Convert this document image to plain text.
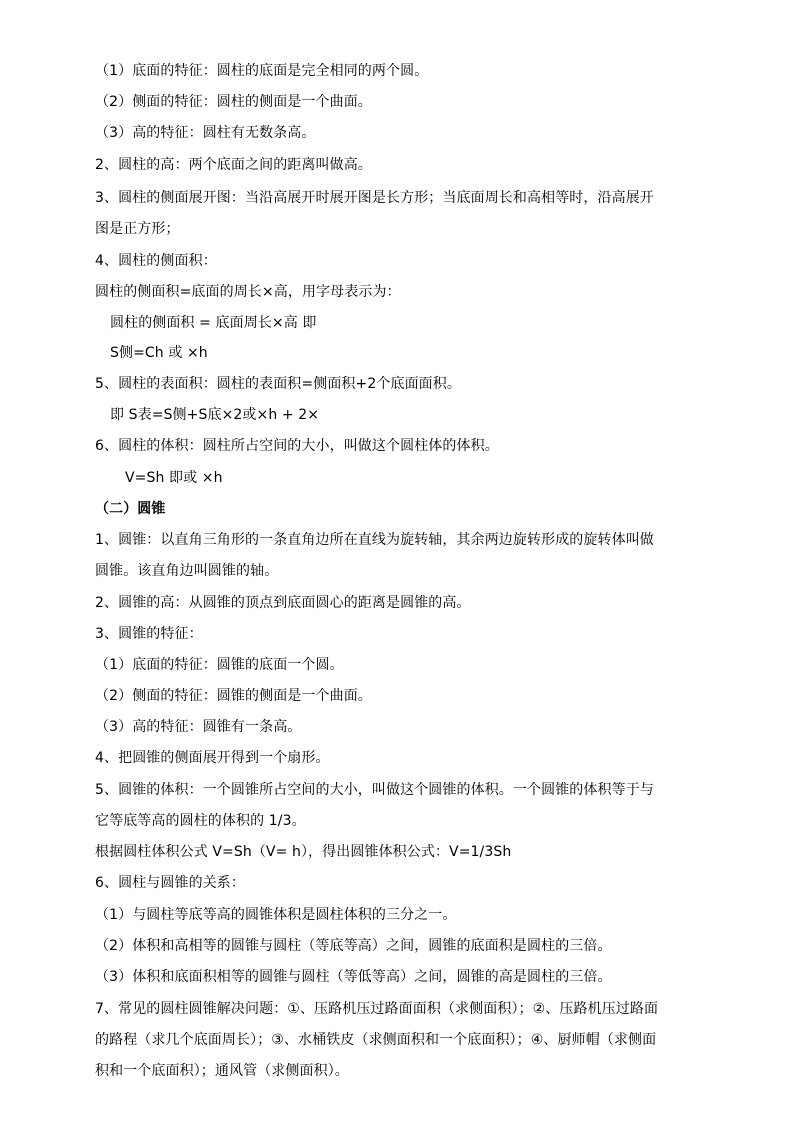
（1）底面的特征：圆柱的底面是完全相同的两个圆。
（2）侧面的特征：圆柱的侧面是一个曲面。
（3）高的特征：圆柱有无数条高。
2、圆柱的高：两个底面之间的距离叫做高。
3、圆柱的侧面展开图：当沿高展开时展开图是长方形；当底面周长和高相等时，沿高展开
图是正方形；
4、圆柱的侧面积：
圆柱的侧面积=底面的周长×高，用字母表示为：
圆柱的侧面积 = 底面周长×高 即
S侧=Ch 或 ×h
5、圆柱的表面积：圆柱的表面积=侧面积+2个底面面积。
即 S表=S侧+S底×2或×h + 2×
6、圆柱的体积：圆柱所占空间的大小，叫做这个圆柱体的体积。
V=Sh 即或 ×h
（二）圆锥
1、圆锥：以直角三角形的一条直角边所在直线为旋转轴，其余两边旋转形成的旋转体叫做
圆锥。该直角边叫圆锥的轴。
2、圆锥的高：从圆锥的顶点到底面圆心的距离是圆锥的高。
3、圆锥的特征：
（1）底面的特征：圆锥的底面一个圆。
（2）侧面的特征：圆锥的侧面是一个曲面。
（3）高的特征：圆锥有一条高。
4、把圆锥的侧面展开得到一个扇形。
5、圆锥的体积：一个圆锥所占空间的大小，叫做这个圆锥的体积。一个圆锥的体积等于与
它等底等高的圆柱的体积的 1/3。
根据圆柱体积公式 V=Sh（V= h），得出圆锥体积公式：V=1/3Sh
6、圆柱与圆锥的关系：
（1）与圆柱等底等高的圆锥体积是圆柱体积的三分之一。
（2）体积和高相等的圆锥与圆柱（等底等高）之间，圆锥的底面积是圆柱的三倍。
（3）体积和底面积相等的圆锥与圆柱（等低等高）之间，圆锥的高是圆柱的三倍。
7、常见的圆柱圆锥解决问题：①、压路机压过路面面积（求侧面积）；②、压路机压过路面
的路程（求几个底面周长）；③、水桶铁皮（求侧面积和一个底面积）；④、厨师帽（求侧面
积和一个底面积）；通风管（求侧面积）。
